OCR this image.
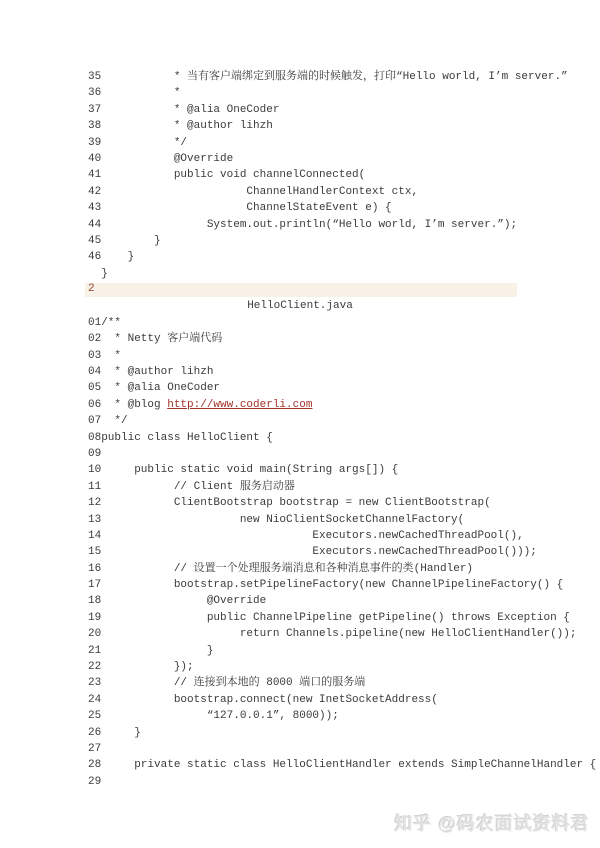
35           * 当有客户端绑定到服务端的时候触发，打印“Hello world, I’m server.”
36           *
37           * @alia OneCoder
38           * @author lihzh
39           */
40           @Override
41           public void channelConnected(
42                      ChannelHandlerContext ctx,
43                      ChannelStateEvent e) {
44                System.out.println(“Hello world, I’m server.”);
45        }
46    }
}
2
HelloClient.java
01/**
02  * Netty 客户端代码
03  *
04  * @author lihzh
05  * @alia OneCoder
06  * @blog http://www.coderli.com
07  */
08public class HelloClient {
09
10     public static void main(String args[]) {
11           // Client 服务启动器
12           ClientBootstrap bootstrap = new ClientBootstrap(
13                     new NioClientSocketChannelFactory(
14                                Executors.newCachedThreadPool(),
15                                Executors.newCachedThreadPool()));
16           // 设置一个处理服务端消息和各种消息事件的类(Handler)
17           bootstrap.setPipelineFactory(new ChannelPipelineFactory() {
18                @Override
19                public ChannelPipeline getPipeline() throws Exception {
20                     return Channels.pipeline(new HelloClientHandler());
21                }
22           });
23           // 连接到本地的 8000 端口的服务端
24           bootstrap.connect(new InetSocketAddress(
25                “127.0.0.1”, 8000));
26     }
27
28     private static class HelloClientHandler extends SimpleChannelHandler {
29
知乎 @码农面试资料君
